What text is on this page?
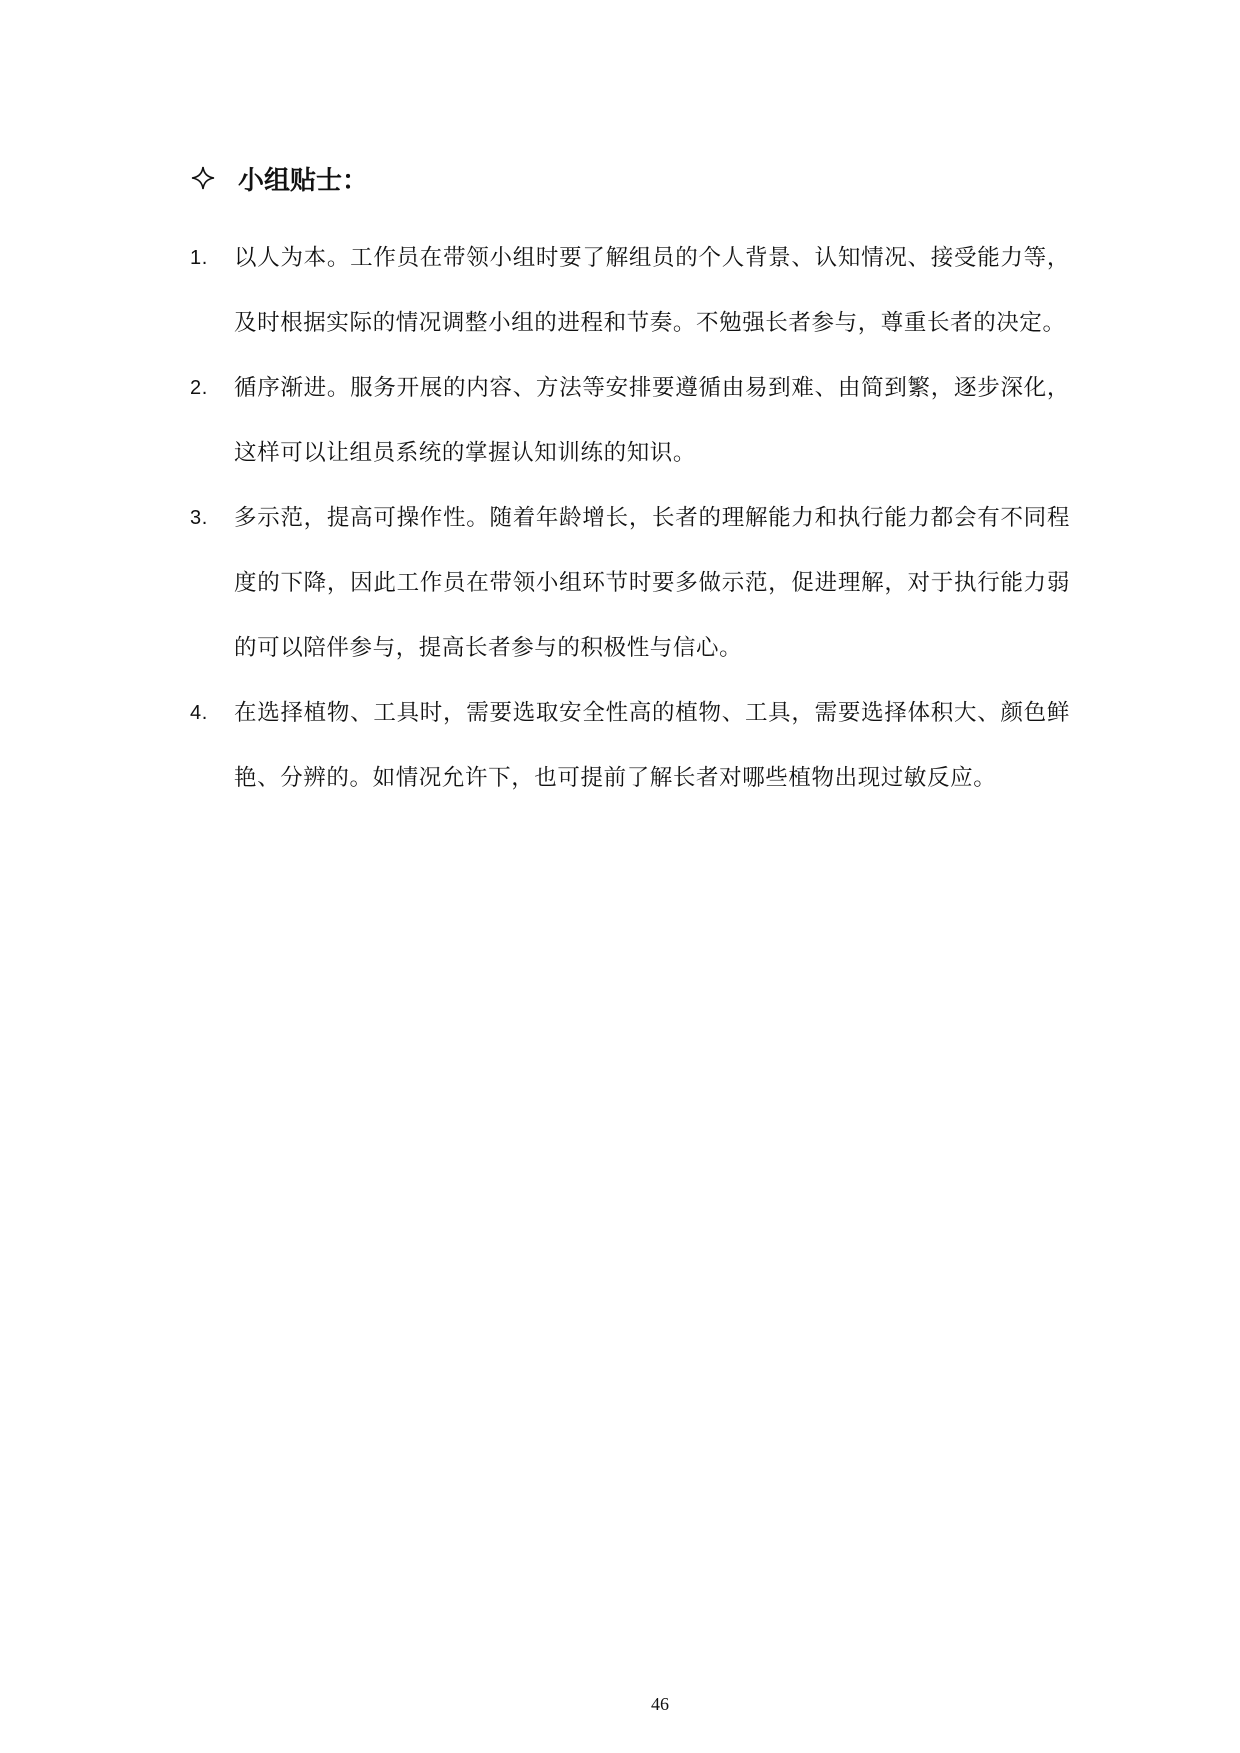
小组贴士：
1. 以人为本。工作员在带领小组时要了解组员的个人背景、认知情况、接受能力等，及时根据实际的情况调整小组的进程和节奏。不勉强长者参与，尊重长者的决定。
2. 循序渐进。服务开展的内容、方法等安排要遵循由易到难、由简到繁，逐步深化，这样可以让组员系统的掌握认知训练的知识。
3. 多示范，提高可操作性。随着年龄增长，长者的理解能力和执行能力都会有不同程度的下降，因此工作员在带领小组环节时要多做示范，促进理解，对于执行能力弱的可以陪伴参与，提高长者参与的积极性与信心。
4. 在选择植物、工具时，需要选取安全性高的植物、工具，需要选择体积大、颜色鲜艳、分辨的。如情况允许下，也可提前了解长者对哪些植物出现过敏反应。
46
